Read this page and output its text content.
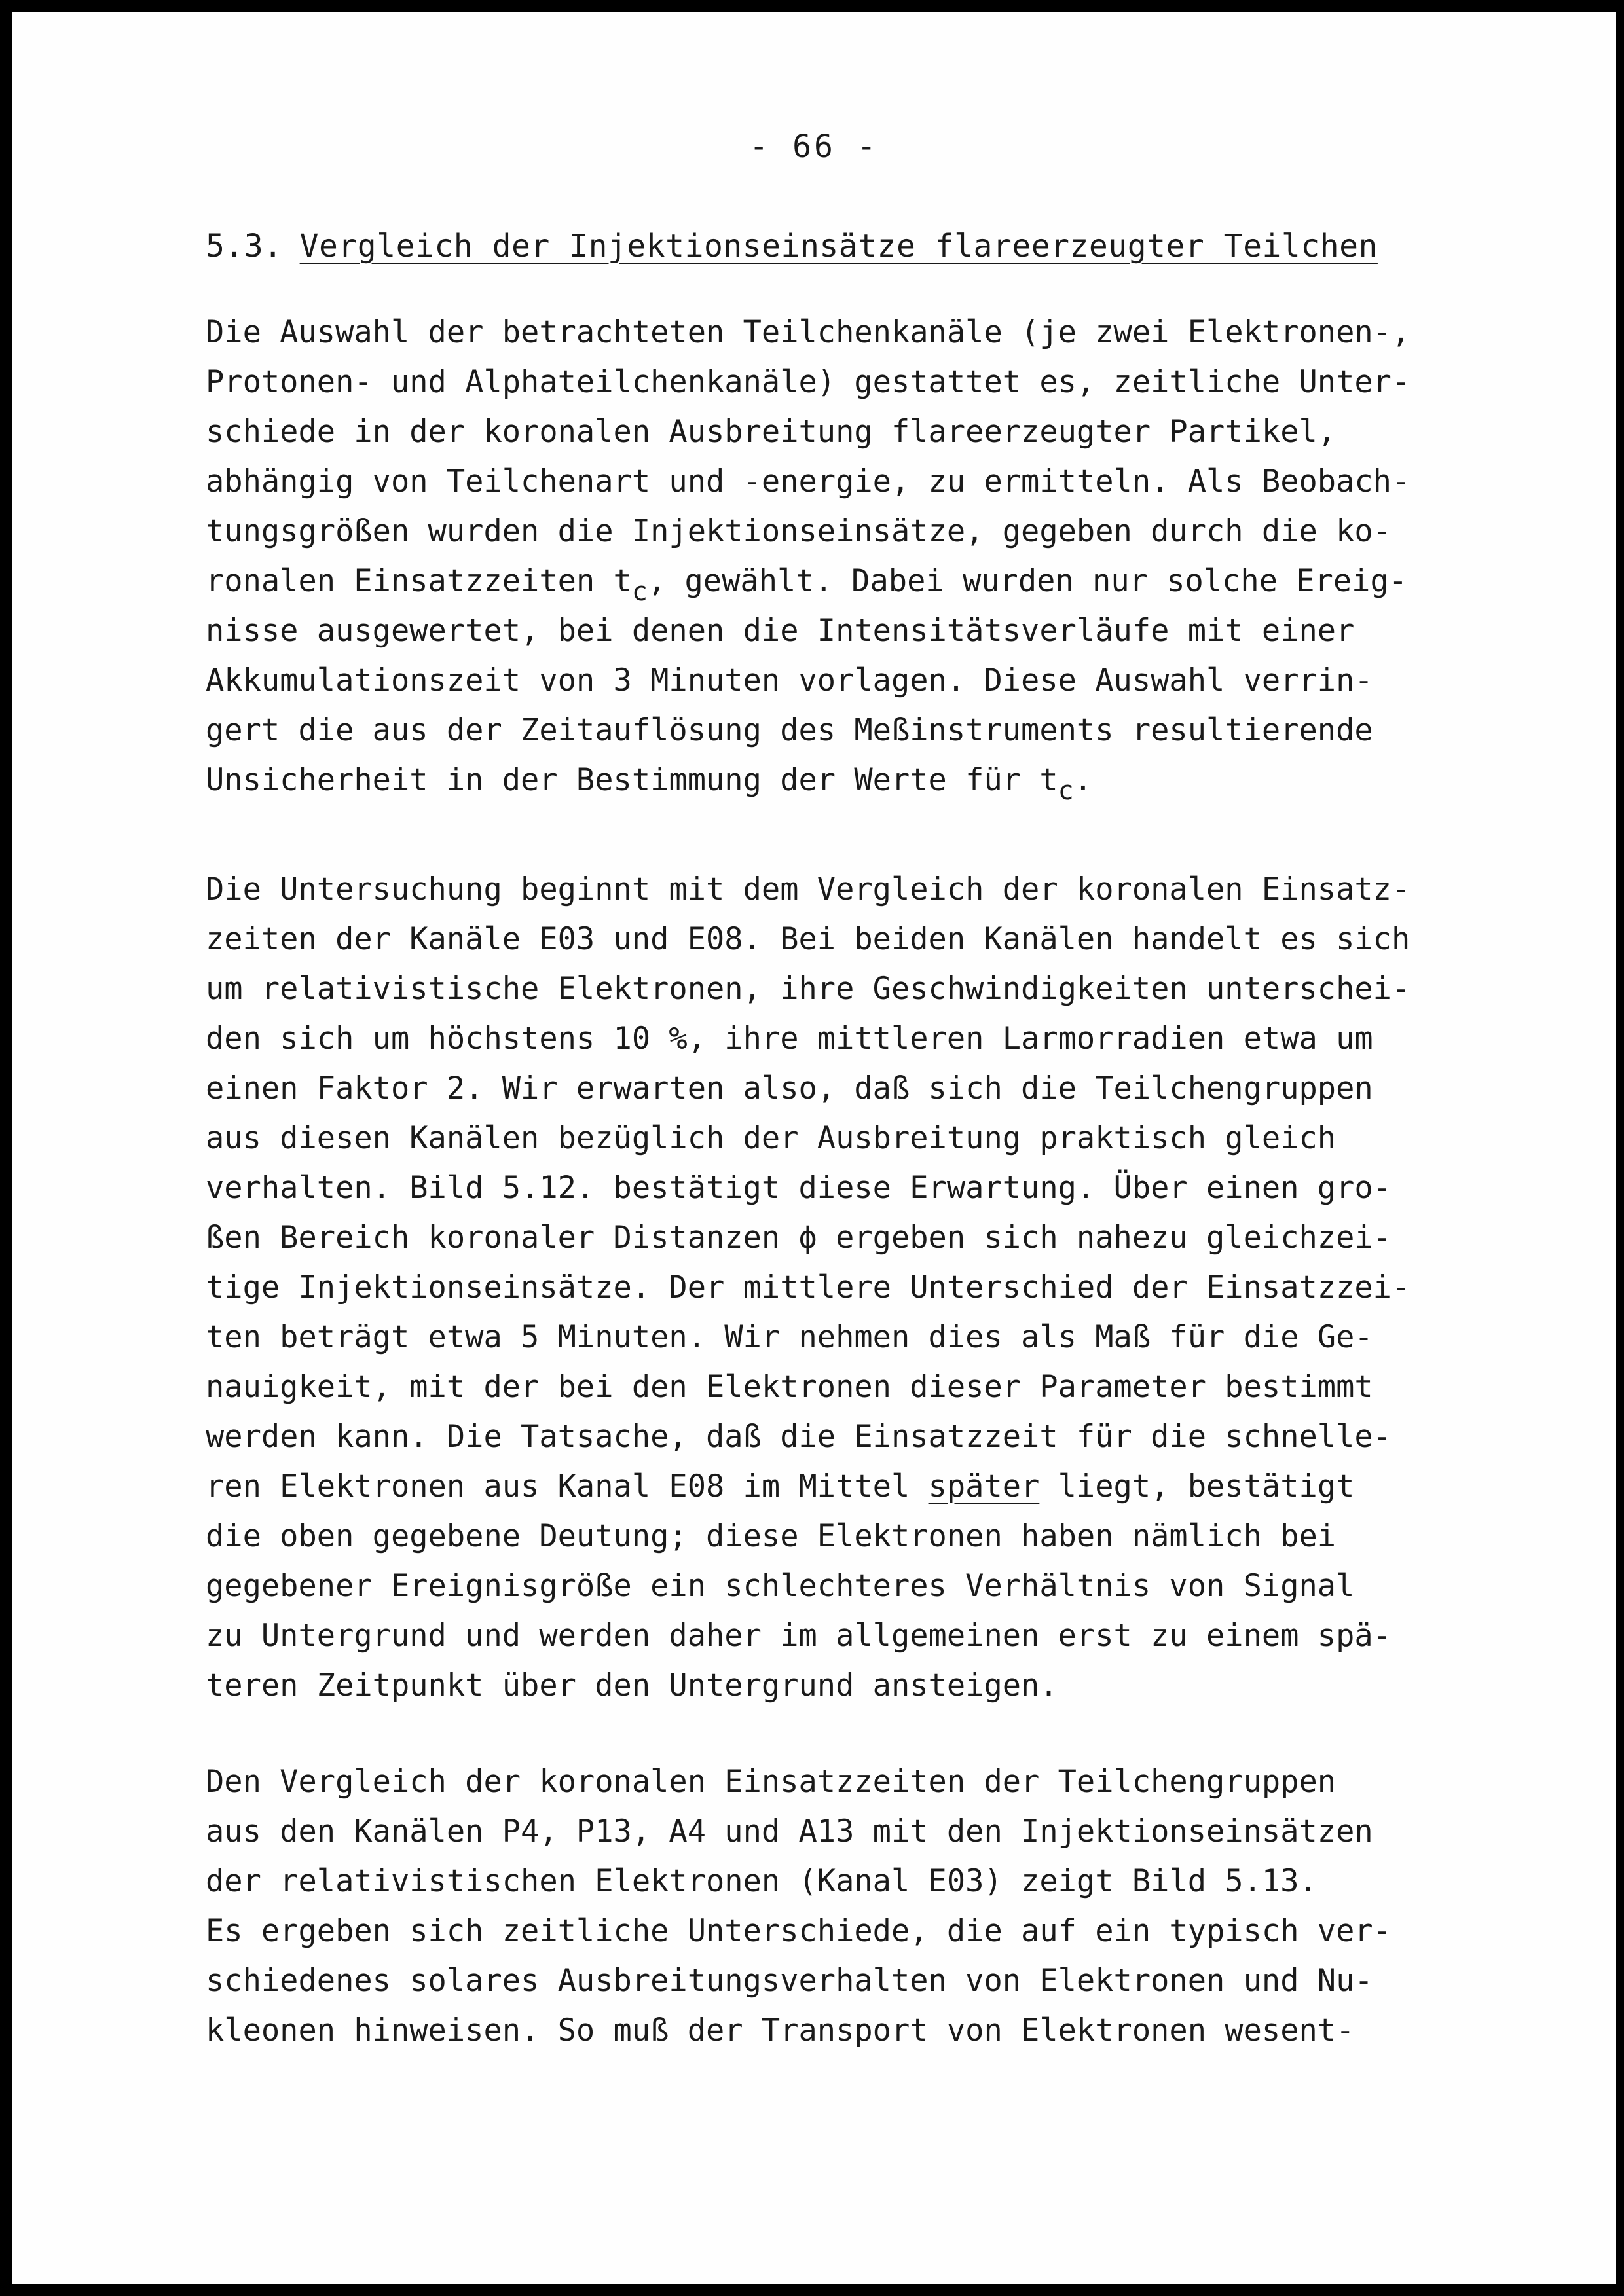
- 66 -
5.3. Vergleich der Injektionseinsätze flareerzeugter Teilchen
Die Auswahl der betrachteten Teilchenkanäle (je zwei Elektronen-,
Protonen- und Alphateilchenkanäle) gestattet es, zeitliche Unter-
schiede in der koronalen Ausbreitung flareerzeugter Partikel,
abhängig von Teilchenart und -energie, zu ermitteln. Als Beobach-
tungsgrößen wurden die Injektionseinsätze, gegeben durch die ko-
ronalen Einsatzzeiten $t_c$, gewählt. Dabei wurden nur solche Ereig-
nisse ausgewertet, bei denen die Intensitätsverläufe mit einer
Akkumulationszeit von 3 Minuten vorlagen. Diese Auswahl verrin-
gert die aus der Zeitauflösung des Meßinstruments resultierende
Unsicherheit in der Bestimmung der Werte für $t_c$.
Die Untersuchung beginnt mit dem Vergleich der koronalen Einsatz-
zeiten der Kanäle E03 und E08. Bei beiden Kanälen handelt es sich
um relativistische Elektronen, ihre Geschwindigkeiten unterschei-
den sich um höchstens 10 %, ihre mittleren Larmorradien etwa um
einen Faktor 2. Wir erwarten also, daß sich die Teilchengruppen
aus diesen Kanälen bezüglich der Ausbreitung praktisch gleich
verhalten. Bild 5.12. bestätigt diese Erwartung. Über einen gro-
ßen Bereich koronaler Distanzen ϕ ergeben sich nahezu gleichzei-
tige Injektionseinsätze. Der mittlere Unterschied der Einsatzzei-
ten beträgt etwa 5 Minuten. Wir nehmen dies als Maß für die Ge-
nauigkeit, mit der bei den Elektronen dieser Parameter bestimmt
werden kann. Die Tatsache, daß die Einsatzzeit für die schnelle-
ren Elektronen aus Kanal E08 im Mittel später liegt, bestätigt
die oben gegebene Deutung; diese Elektronen haben nämlich bei
gegebener Ereignisgröße ein schlechteres Verhältnis von Signal
zu Untergrund und werden daher im allgemeinen erst zu einem spä-
teren Zeitpunkt über den Untergrund ansteigen.
Den Vergleich der koronalen Einsatzzeiten der Teilchengruppen
aus den Kanälen P4, P13, A4 und A13 mit den Injektionseinsätzen
der relativistischen Elektronen (Kanal E03) zeigt Bild 5.13.
Es ergeben sich zeitliche Unterschiede, die auf ein typisch ver-
schiedenes solares Ausbreitungsverhalten von Elektronen und Nu-
kleonen hinweisen. So muß der Transport von Elektronen wesent-
